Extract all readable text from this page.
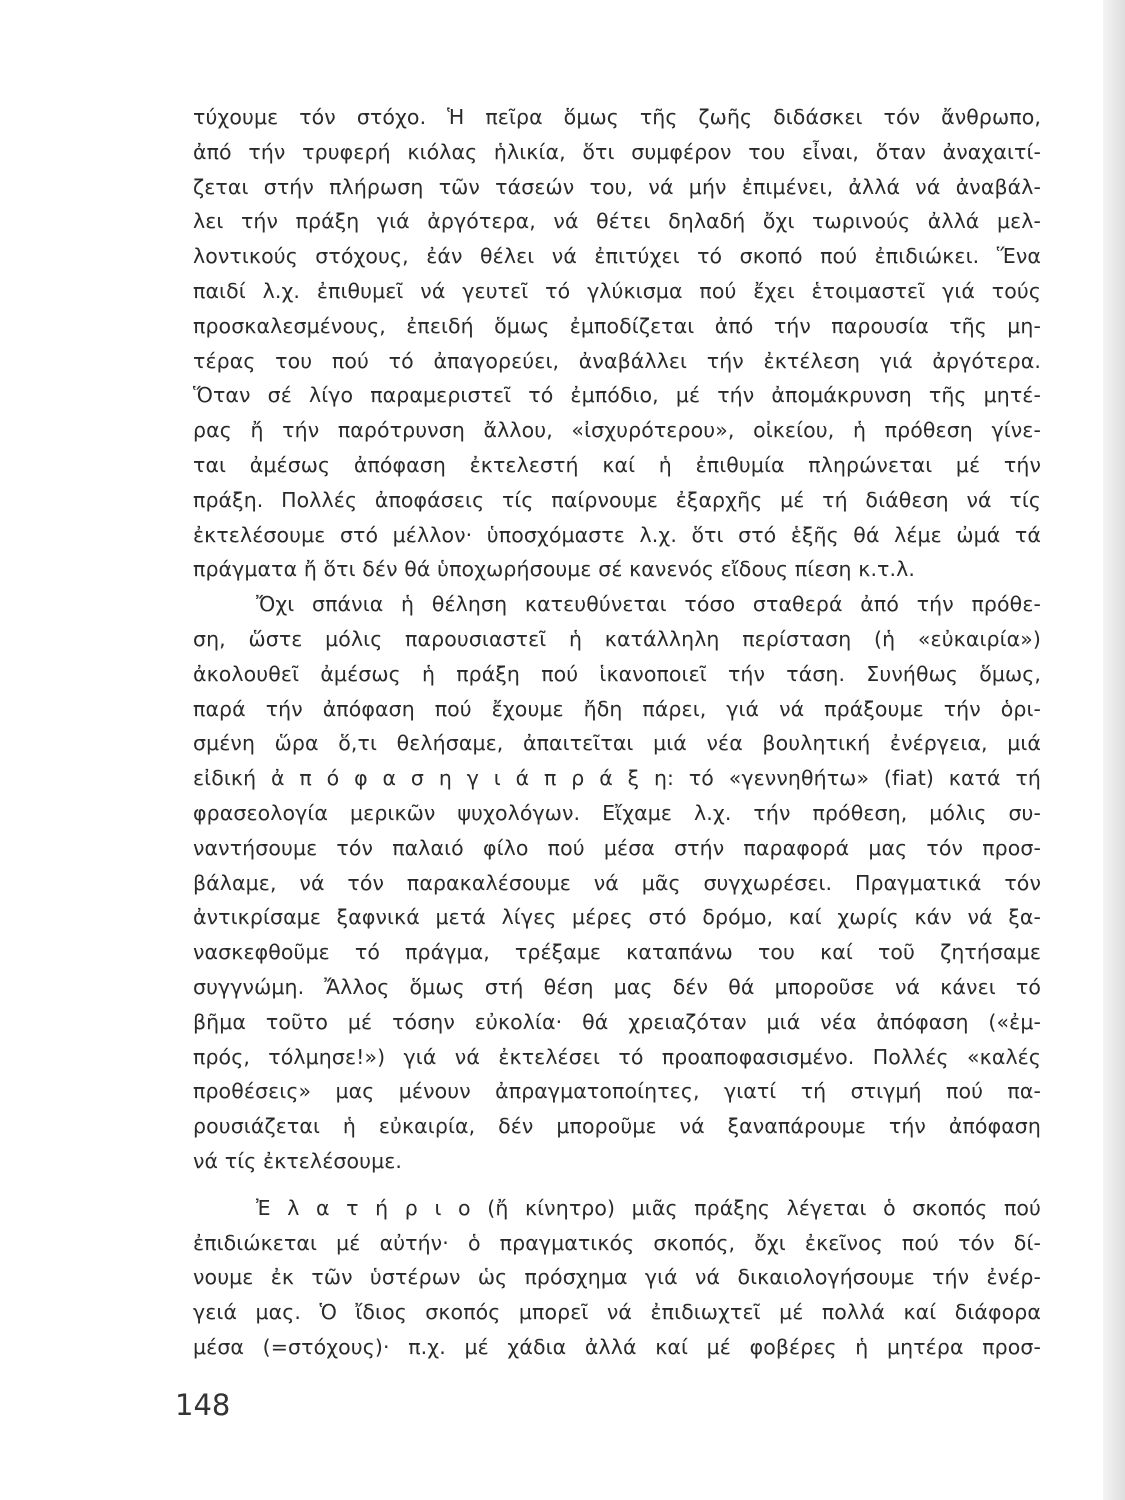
τύχουμε τόν στόχο. Ἡ πεῖρα ὅμως τῆς ζωῆς διδάσκει τόν ἄνθρωπο,
ἀπό τήν τρυφερή κιόλας ἡλικία, ὅτι συμφέρον του εἶναι, ὅταν ἀναχαιτί-
ζεται στήν πλήρωση τῶν τάσεών του, νά μήν ἐπιμένει, ἀλλά νά ἀναβάλ-
λει τήν πράξη γιά ἀργότερα, νά θέτει δηλαδή ὄχι τωρινούς ἀλλά μελ-
λοντικούς στόχους, ἐάν θέλει νά ἐπιτύχει τό σκοπό πού ἐπιδιώκει. Ἕνα
παιδί λ.χ. ἐπιθυμεῖ νά γευτεῖ τό γλύκισμα πού ἔχει ἑτοιμαστεῖ γιά τούς
προσκαλεσμένους, ἐπειδή ὅμως ἐμποδίζεται ἀπό τήν παρουσία τῆς μη-
τέρας του πού τό ἀπαγορεύει, ἀναβάλλει τήν ἐκτέλεση γιά ἀργότερα.
Ὅταν σέ λίγο παραμεριστεῖ τό ἐμπόδιο, μέ τήν ἀπομάκρυνση τῆς μητέ-
ρας ἤ τήν παρότρυνση ἄλλου, «ἰσχυρότερου», οἰκείου, ἡ πρόθεση γίνε-
ται ἀμέσως ἀπόφαση ἐκτελεστή καί ἡ ἐπιθυμία πληρώνεται μέ τήν
πράξη. Πολλές ἀποφάσεις τίς παίρνουμε ἐξαρχῆς μέ τή διάθεση νά τίς
ἐκτελέσουμε στό μέλλον· ὑποσχόμαστε λ.χ. ὅτι στό ἑξῆς θά λέμε ὠμά τά
πράγματα ἤ ὅτι δέν θά ὑποχωρήσουμε σέ κανενός εἴδους πίεση κ.τ.λ.
Ὄχι σπάνια ἡ θέληση κατευθύνεται τόσο σταθερά ἀπό τήν πρόθε-
ση, ὥστε μόλις παρουσιαστεῖ ἡ κατάλληλη περίσταση (ἡ «εὐκαιρία»)
ἀκολουθεῖ ἀμέσως ἡ πράξη πού ἱκανοποιεῖ τήν τάση. Συνήθως ὅμως,
παρά τήν ἀπόφαση πού ἔχουμε ἤδη πάρει, γιά νά πράξουμε τήν ὁρι-
σμένη ὥρα ὅ,τι θελήσαμε, ἀπαιτεῖται μιά νέα βουλητική ἐνέργεια, μιά
εἰδική ἀ π ό φ α σ η γ ι ά π ρ ά ξ η: τό «γεννηθήτω» (fiat) κατά τή
φρασεολογία μερικῶν ψυχολόγων. Εἴχαμε λ.χ. τήν πρόθεση, μόλις συ-
ναντήσουμε τόν παλαιό φίλο πού μέσα στήν παραφορά μας τόν προσ-
βάλαμε, νά τόν παρακαλέσουμε νά μᾶς συγχωρέσει. Πραγματικά τόν
ἀντικρίσαμε ξαφνικά μετά λίγες μέρες στό δρόμο, καί χωρίς κάν νά ξα-
νασκεφθοῦμε τό πράγμα, τρέξαμε καταπάνω του καί τοῦ ζητήσαμε
συγγνώμη. Ἄλλος ὅμως στή θέση μας δέν θά μποροῦσε νά κάνει τό
βῆμα τοῦτο μέ τόσην εὐκολία· θά χρειαζόταν μιά νέα ἀπόφαση («ἐμ-
πρός, τόλμησε!») γιά νά ἐκτελέσει τό προαποφασισμένο. Πολλές «καλές
προθέσεις» μας μένουν ἀπραγματοποίητες, γιατί τή στιγμή πού πα-
ρουσιάζεται ἡ εὐκαιρία, δέν μποροῦμε νά ξαναπάρουμε τήν ἀπόφαση
νά τίς ἐκτελέσουμε.
Ἐ λ α τ ή ρ ι ο (ἤ κίνητρο) μιᾶς πράξης λέγεται ὁ σκοπός πού
ἐπιδιώκεται μέ αὐτήν· ὁ πραγματικός σκοπός, ὄχι ἐκεῖνος πού τόν δί-
νουμε ἐκ τῶν ὑστέρων ὡς πρόσχημα γιά νά δικαιολογήσουμε τήν ἐνέρ-
γειά μας. Ὁ ἴδιος σκοπός μπορεῖ νά ἐπιδιωχτεῖ μέ πολλά καί διάφορα
μέσα (=στόχους)· π.χ. μέ χάδια ἀλλά καί μέ φοβέρες ἡ μητέρα προσ-
148
